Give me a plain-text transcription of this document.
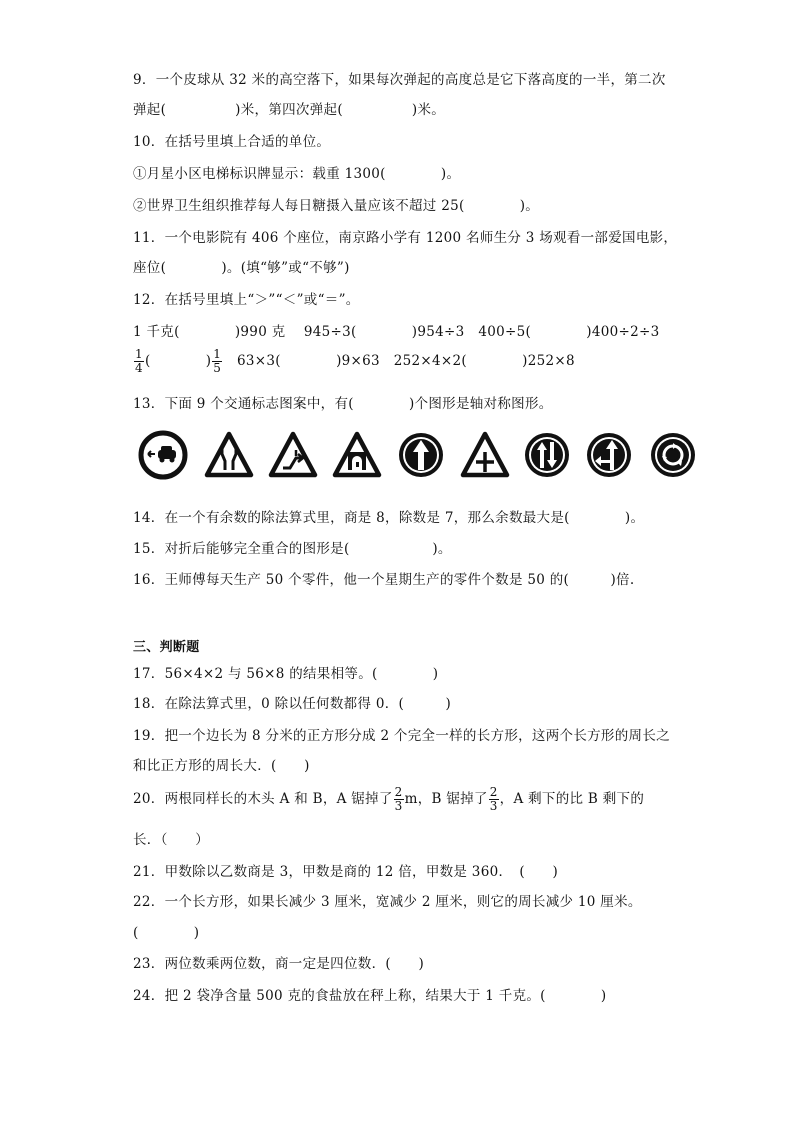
9．一个皮球从 32 米的高空落下，如果每次弹起的高度总是它下落高度的一半，第二次
弹起(　　　　　)米，第四次弹起(　　　　　)米。
10．在括号里填上合适的单位。
①月星小区电梯标识牌显示：载重 1300(　　　　)。
②世界卫生组织推荐每人每日糖摄入量应该不超过 25(　　　　)。
11．一个电影院有 406 个座位，南京路小学有 1200 名师生分 3 场观看一部爱国电影，
座位(　　　　)。(填“够”或“不够”)
12．在括号里填上“＞”“＜”或“＝”。
1 千克(　　　　)990 克　 945÷3(　　　　)954÷3　400÷5(　　　　)400÷2÷3
$\frac{1}{4}$ (　　　　) $\frac{1}{5}$ 　63×3(　　　　)9×63　252×4×2(　　　　)252×8
13．下面 9 个交通标志图案中，有(　　　　)个图形是轴对称图形。
14．在一个有余数的除法算式里，商是 8，除数是 7，那么余数最大是(　　　　)。
15．对折后能够完全重合的图形是(　　　　　　)。
16．王师傅每天生产 50 个零件，他一个星期生产的零件个数是 50 的(　　　)倍.
三、判断题
17．56×4×2 与 56×8 的结果相等。(　　　　)
18．在除法算式里，0 除以任何数都得 0．(　　　)
19．把一个边长为 8 分米的正方形分成 2 个完全一样的长方形，这两个长方形的周长之
和比正方形的周长大．(　　)
20．两根同样长的木头 A 和 B，A 锯掉了 $\frac{2}{3}$ m，B 锯掉了 $\frac{2}{3}$ ，A 剩下的比 B 剩下的
长．（　　）
21．甲数除以乙数商是 3，甲数是商的 12 倍，甲数是 360．　(　　)
22．一个长方形，如果长减少 3 厘米，宽减少 2 厘米，则它的周长减少 10 厘米。
(　　　　)
23．两位数乘两位数，商一定是四位数．(　　)
24．把 2 袋净含量 500 克的食盐放在秤上称，结果大于 1 千克。(　　　　)
